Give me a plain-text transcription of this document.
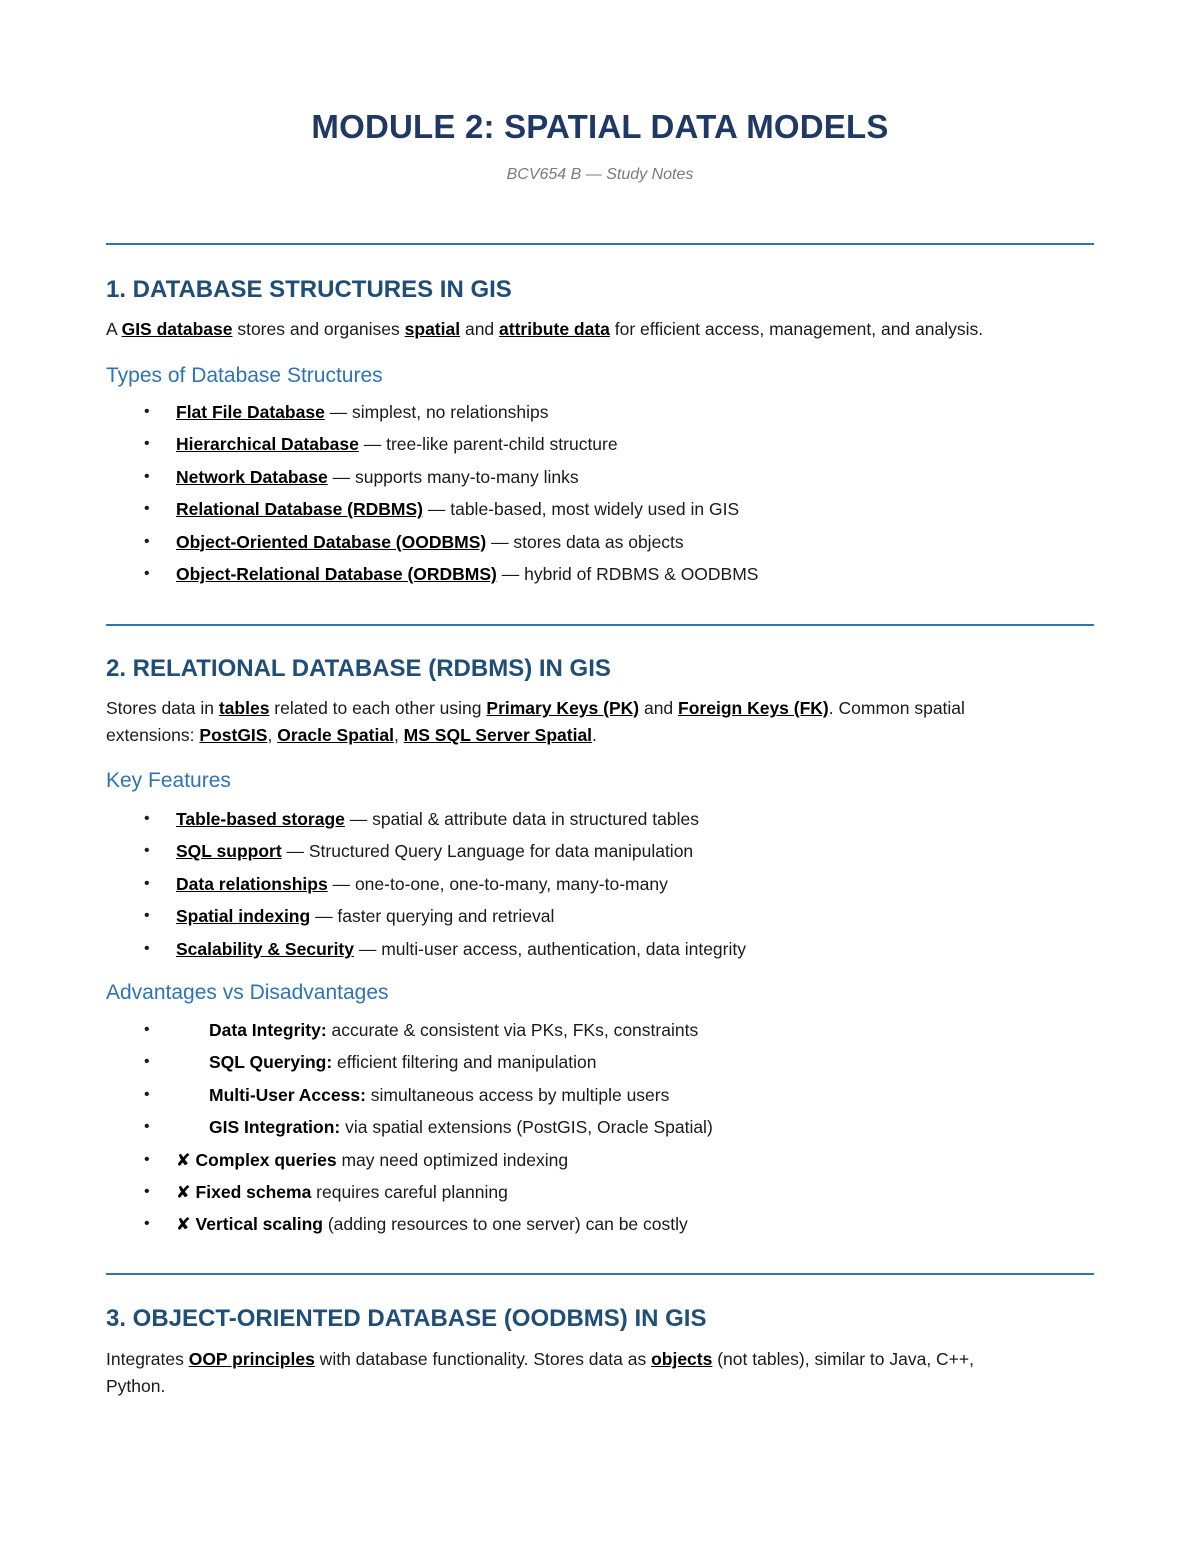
MODULE 2: SPATIAL DATA MODELS
BCV654 B — Study Notes
1. DATABASE STRUCTURES IN GIS
A GIS database stores and organises spatial and attribute data for efficient access, management, and analysis.
Types of Database Structures
• Flat File Database — simplest, no relationships
• Hierarchical Database — tree-like parent-child structure
• Network Database — supports many-to-many links
• Relational Database (RDBMS) — table-based, most widely used in GIS
• Object-Oriented Database (OODBMS) — stores data as objects
• Object-Relational Database (ORDBMS) — hybrid of RDBMS & OODBMS
2. RELATIONAL DATABASE (RDBMS) IN GIS
Stores data in tables related to each other using Primary Keys (PK) and Foreign Keys (FK). Common spatial
extensions: PostGIS, Oracle Spatial, MS SQL Server Spatial.
Key Features
• Table-based storage — spatial & attribute data in structured tables
• SQL support — Structured Query Language for data manipulation
• Data relationships — one-to-one, one-to-many, many-to-many
• Spatial indexing — faster querying and retrieval
• Scalability & Security — multi-user access, authentication, data integrity
Advantages vs Disadvantages
•	Data Integrity: accurate & consistent via PKs, FKs, constraints
•	SQL Querying: efficient filtering and manipulation
•	Multi-User Access: simultaneous access by multiple users
•	GIS Integration: via spatial extensions (PostGIS, Oracle Spatial)
• ✘ Complex queries may need optimized indexing
• ✘ Fixed schema requires careful planning
• ✘ Vertical scaling (adding resources to one server) can be costly
3. OBJECT-ORIENTED DATABASE (OODBMS) IN GIS
Integrates OOP principles with database functionality. Stores data as objects (not tables), similar to Java, C++,
Python.
